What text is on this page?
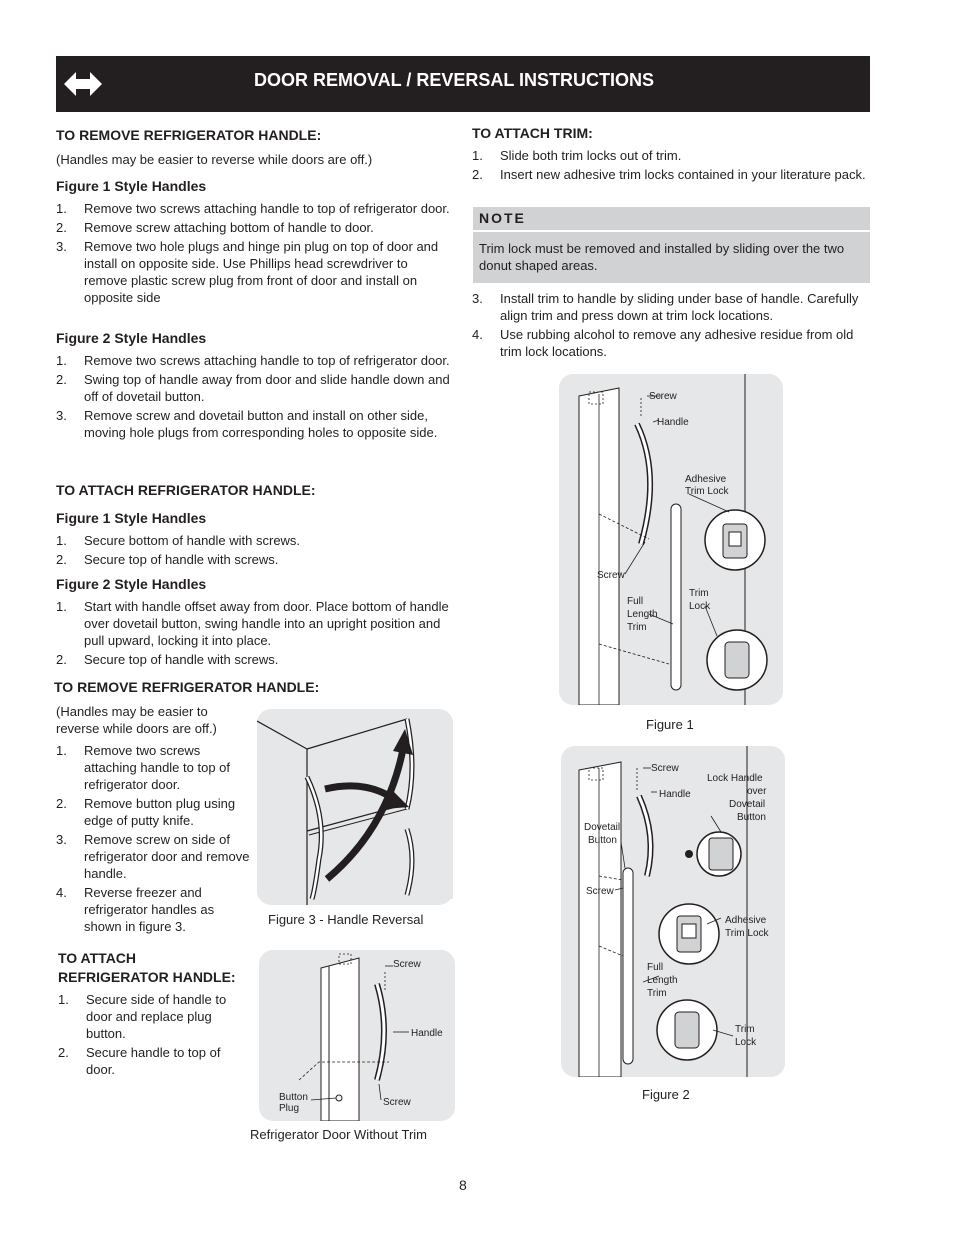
DOOR REMOVAL / REVERSAL INSTRUCTIONS
TO REMOVE REFRIGERATOR HANDLE:
(Handles may be easier to reverse while doors are off.)
Figure 1 Style Handles
1. Remove two screws attaching handle to top of refrigerator door.
2. Remove screw attaching bottom of handle to door.
3. Remove two hole plugs and hinge pin plug on top of door and install on opposite side. Use Phillips head screwdriver to remove plastic screw plug from front of door and install on opposite side
Figure 2 Style Handles
1. Remove two screws attaching handle to top of refrigerator door.
2. Swing top of handle away from door and slide handle down and off of dovetail button.
3. Remove screw and dovetail button and install on other side, moving hole plugs from corresponding holes to opposite side.
TO ATTACH REFRIGERATOR HANDLE:
Figure 1 Style Handles
1. Secure bottom of handle with screws.
2. Secure top of handle with screws.
Figure 2 Style Handles
1. Start with handle offset away from door. Place bottom of handle over dovetail button, swing handle into an upright position and pull upward, locking it into place.
2. Secure top of handle with screws.
TO REMOVE REFRIGERATOR HANDLE:
(Handles may be easier to reverse while doors are off.)
1. Remove two screws attaching handle to top of refrigerator door.
2. Remove button plug using edge of putty knife.
3. Remove screw on side of refrigerator door and remove handle.
4. Reverse freezer and refrigerator handles as shown in figure 3.
TO ATTACH
REFRIGERATOR HANDLE:
1. Secure side of handle to door and replace plug button.
2. Secure handle to top of door.
Figure 3 - Handle Reversal
Screw
Handle
Button
Plug
Screw
Refrigerator Door Without Trim
TO ATTACH TRIM:
1. Slide both trim locks out of trim.
2. Insert new adhesive trim locks contained in your literature pack.
NOTE
Trim lock must be removed and installed by sliding over the two donut shaped areas.
3. Install trim to handle by sliding under base of handle. Carefully align trim and press down at trim lock locations.
4. Use rubbing alcohol to remove any adhesive residue from old trim lock locations.
Screw
Handle
Adhesive
Trim Lock
Screw
Full
Length
Trim
Trim
Lock
Figure 1
Screw
Handle
Lock Handle
over
Dovetail
Button
Dovetail
Button
Screw
Adhesive
Trim Lock
Full
Length
Trim
Trim
Lock
Figure 2
8
